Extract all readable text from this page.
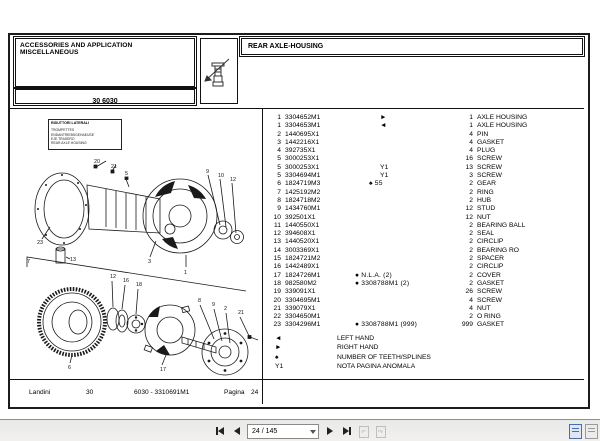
ACCESSORIES AND APPLICATION MISCELLANEOUS
30 6030
REAR AXLE-HOUSING
RIDUTTORI LATERALI
TROMPETTES
ENDANTRIEBSGEHAEUSE
EJE TRASERO
REAR AXLE HOUSING
20
21
5	9
10
12
23
13	3
1
7
12
16
18
6	17
8
9
2
21
1 3304652M1	►	1 AXLE HOUSING
1 3304653M1	◄	1 AXLE HOUSING
2 1440695X1	4 PIN
3 1442216X1	4 GASKET
4 392735X1	4 PLUG
5 3000253X1	16 SCREW
5 3000253X1	Y1	13 SCREW
5 3304694M1	Y1	3 SCREW
6 1824719M3	♠ 55	2 GEAR
7 1425192M2	2 RING
8 1824718M2	2 HUB
9 1434760M1	12 STUD
10 392501X1	12 NUT
11 1440550X1	2 BEARING BALL
12 394608X1	2 SEAL
13 1440520X1	2 CIRCLIP
14 3003369X1	2 BEARING RO
15 1824721M2	2 SPACER
16 1442489X1	2 CIRCLIP
17 1824726M1	● N.L.A. (2)	2 COVER
18 982580M2	● 3308788M1 (2)	2 GASKET
19 339091X1	26 SCREW
20 3304695M1	4 SCREW
21 339079X1	4 NUT
22 3304650M1	2 O RING
23 3304296M1	● 3308788M1 (999)	999 GASKET
◄	LEFT HAND
►	RIGHT HAND
♠	NUMBER OF TEETH/SPLINES
Y1	NOTA PAGINA ANOMALA
Landini	30	6030 - 3310691M1	Pagina 24
24 / 145	↶ ↷
